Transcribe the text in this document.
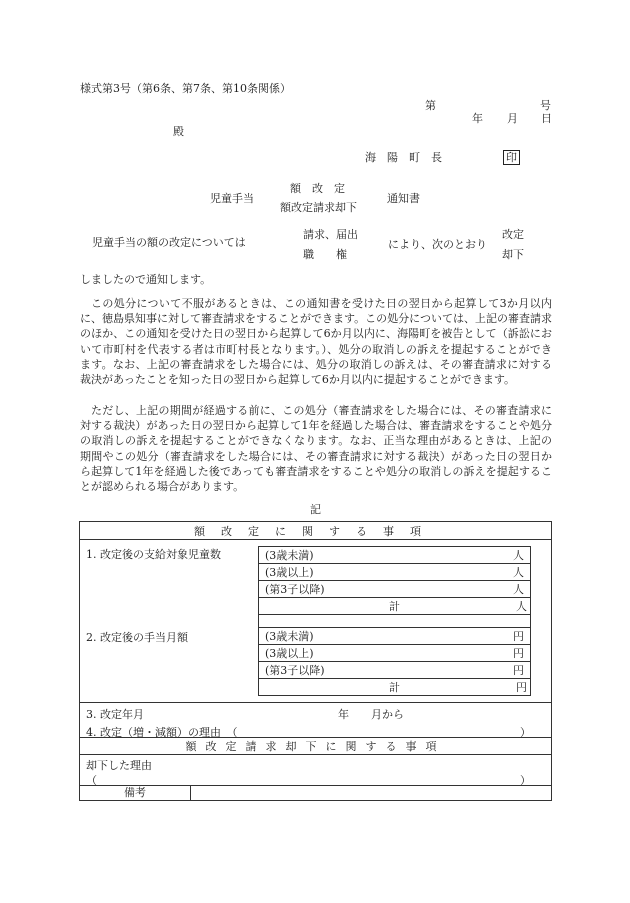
様式第3号（第6条、第7条、第10条関係）
第	号
年 月 日
殿
海　陽　町　長	印
児童手当
額　改　定
額改定請求却下
通知書
児童手当の額の改定については
請求、届出
職　　権
により、次のとおり
改定
却下
しましたので通知します。
この処分について不服があるときは、この通知書を受けた日の翌日から起算して3か月以内に、徳島県知事に対して審査請求をすることができます。この処分については、上記の審査請求のほか、この通知を受けた日の翌日から起算して6か月以内に、海陽町を被告として（訴訟において市町村を代表する者は市町村長となります。）、処分の取消しの訴えを提起することができます。なお、上記の審査請求をした場合には、処分の取消しの訴えは、その審査請求に対する裁決があったことを知った日の翌日から起算して6か月以内に提起することができます。
ただし、上記の期間が経過する前に、この処分（審査請求をした場合には、その審査請求に対する裁決）があった日の翌日から起算して1年を経過した場合は、審査請求をすることや処分の取消しの訴えを提起することができなくなります。なお、正当な理由があるときは、上記の期間やこの処分（審査請求をした場合には、その審査請求に対する裁決）があった日の翌日から起算して1年を経過した後であっても審査請求をすることや処分の取消しの訴えを提起することが認められる場合があります。
記
額改定に関する事項

1. 改定後の支給対象児童数	(3歳未満)	人

(3歳以上)	人

(第3子以降)	人

計	人

2. 改定後の手当月額	(3歳未満)	円

(3歳以上)	円

(第3子以降)	円

計	円

3. 改定年月	年　　月から
4. 改定（増・減額）の理由　（	）

額改定請求却下に関する事項

却下した理由
（	）

備考
